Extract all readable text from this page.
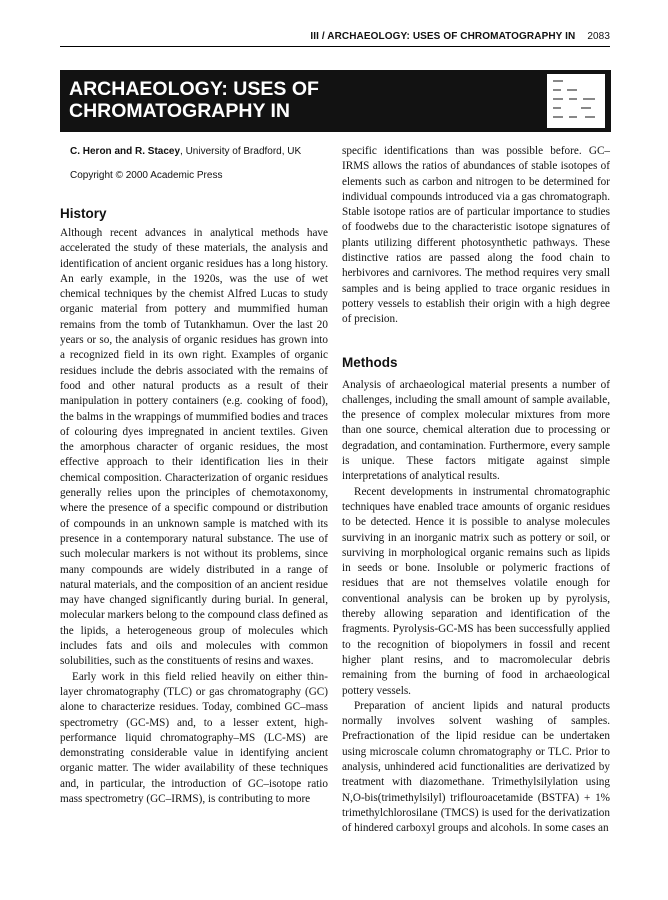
III / ARCHAEOLOGY: USES OF CHROMATOGRAPHY IN 2083
ARCHAEOLOGY: USES OF CHROMATOGRAPHY IN
C. Heron and R. Stacey, University of Bradford, UK
Copyright © 2000 Academic Press
History

Although recent advances in analytical methods have accelerated the study of these materials, the analysis and identification of ancient organic residues has a long history. An early example, in the 1920s, was the use of wet chemical techniques by the chemist Alfred Lucas to study organic material from pottery and mummified human remains from the tomb of Tutankhamun. Over the last 20 years or so, the analysis of organic residues has grown into a recognized field in its own right. Examples of organic residues include the debris associated with the remains of food and other natural products as a result of their manipulation in pottery containers (e.g. cooking of food), the balms in the wrappings of mummified bodies and traces of colouring dyes impregnated in ancient textiles. Given the amorphous character of organic residues, the most effective approach to their identification lies in their chemical composition. Characterization of organic residues generally relies upon the principles of chemotaxonomy, where the presence of a specific compound or distribution of compounds in an unknown sample is matched with its presence in a contemporary natural substance. The use of such molecular markers is not without its problems, since many compounds are widely distributed in a range of natural materials, and the composition of an ancient residue may have changed significantly during burial. In general, molecular markers belong to the compound class defined as the lipids, a heterogeneous group of molecules which includes fats and oils and molecules with common solubilities, such as the constituents of resins and waxes.

Early work in this field relied heavily on either thin-layer chromatography (TLC) or gas chromatography (GC) alone to characterize residues. Today, combined GC–mass spectrometry (GC-MS) and, to a lesser extent, high-performance liquid chromatography–MS (LC-MS) are demonstrating considerable value in identifying ancient organic matter. The wider availability of these techniques and, in particular, the introduction of GC–isotope ratio mass spectrometry (GC–IRMS), is contributing to more

specific identifications than was possible before. GC–IRMS allows the ratios of abundances of stable isotopes of elements such as carbon and nitrogen to be determined for individual compounds introduced via a gas chromatograph. Stable isotope ratios are of particular importance to studies of foodwebs due to the characteristic isotope signatures of plants utilizing different photosynthetic pathways. These distinctive ratios are passed along the food chain to herbivores and carnivores. The method requires very small samples and is being applied to trace organic residues in pottery vessels to establish their origin with a high degree of precision.

Methods

Analysis of archaeological material presents a number of challenges, including the small amount of sample available, the presence of complex molecular mixtures from more than one source, chemical alteration due to processing or degradation, and contamination. Furthermore, every sample is unique. These factors mitigate against simple interpretations of analytical results.

Recent developments in instrumental chromatographic techniques have enabled trace amounts of organic residues to be detected. Hence it is possible to analyse molecules surviving in an inorganic matrix such as pottery or soil, or surviving in morphological organic remains such as lipids in seeds or bone. Insoluble or polymeric fractions of residues that are not themselves volatile enough for conventional analysis can be broken up by pyrolysis, thereby allowing separation and identification of the fragments. Pyrolysis-GC-MS has been successfully applied to the recognition of biopolymers in fossil and recent higher plant resins, and to macromolecular debris remaining from the burning of food in archaeological pottery vessels.

Preparation of ancient lipids and natural products normally involves solvent washing of samples. Prefractionation of the lipid residue can be undertaken using microscale column chromatography or TLC. Prior to analysis, unhindered acid functionalities are derivatized by treatment with diazomethane. Trimethylsilylation using N,O-bis(trimethylsilyl) triflouroacetamide (BSTFA) + 1% trimethylchlorosilane (TMCS) is used for the derivatization of hindered carboxyl groups and alcohols. In some cases an
